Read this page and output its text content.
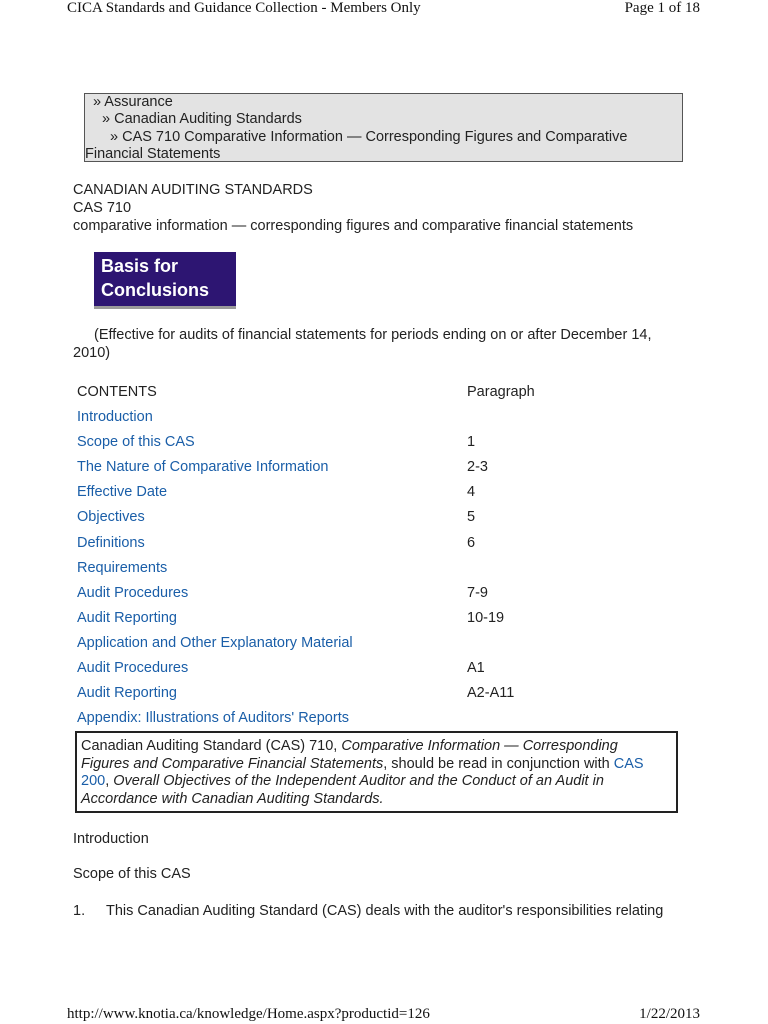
CICA Standards and Guidance Collection - Members Only	Page 1 of 18
» Assurance
» Canadian Auditing Standards
» CAS 710 Comparative Information — Corresponding Figures and Comparative
Financial Statements
CANADIAN AUDITING STANDARDS
CAS 710
comparative information — corresponding figures and comparative financial statements
Basis for
Conclusions
(Effective for audits of financial statements for periods ending on or after December 14,
2010)
CONTENTS	Paragraph
Introduction
Scope of this CAS	1
The Nature of Comparative Information	2-3
Effective Date	4
Objectives	5
Definitions	6
Requirements
Audit Procedures	7-9
Audit Reporting	10-19
Application and Other Explanatory Material
Audit Procedures	A1
Audit Reporting	A2-A11
Appendix: Illustrations of Auditors' Reports
Canadian Auditing Standard (CAS) 710, Comparative Information — Corresponding Figures and Comparative Financial Statements, should be read in conjunction with CAS 200, Overall Objectives of the Independent Auditor and the Conduct of an Audit in Accordance with Canadian Auditing Standards.
Introduction
Scope of this CAS
1. This Canadian Auditing Standard (CAS) deals with the auditor's responsibilities relating
http://www.knotia.ca/knowledge/Home.aspx?productid=126	1/22/2013
